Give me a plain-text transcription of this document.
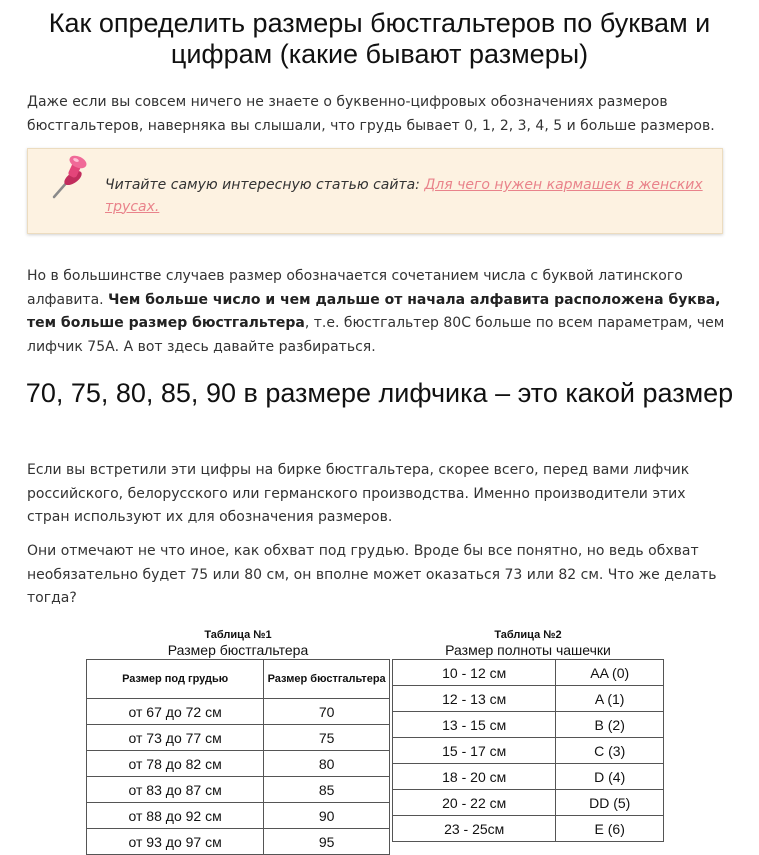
Как определить размеры бюстгальтеров по буквам и цифрам (какие бывают размеры)

Даже если вы совсем ничего не знаете о буквенно-цифровых обозначениях размеров бюстгальтеров, наверняка вы слышали, что грудь бывает 0, 1, 2, 3, 4, 5 и больше размеров.

Читайте самую интересную статью сайта: Для чего нужен кармашек в женских трусах.

Но в большинстве случаев размер обозначается сочетанием числа с буквой латинского алфавита. Чем больше число и чем дальше от начала алфавита расположена буква, тем больше размер бюстгальтера, т.е. бюстгальтер 80С больше по всем параметрам, чем лифчик 75А. А вот здесь давайте разбираться.

70, 75, 80, 85, 90 в размере лифчика – это какой размер

Если вы встретили эти цифры на бирке бюстгальтера, скорее всего, перед вами лифчик российского, белорусского или германского производства. Именно производители этих стран используют их для обозначения размеров.

Они отмечают не что иное, как обхват под грудью. Вроде бы все понятно, но ведь обхват необязательно будет 75 или 80 см, он вполне может оказаться 73 или 82 см. Что же делать тогда?

Таблица №1
Размер бюстгальтера
Размер под грудью	Размер бюстгальтера
от 67 до 72 см	70
от 73 до 77 см	75
от 78 до 82 см	80
от 83 до 87 см	85
от 88 до 92 см	90
от 93 до 97 см	95
Таблица №2
Размер полноты чашечки
10 - 12 см	AA (0)
12 - 13 см	A (1)
13 - 15 см	B (2)
15 - 17 см	C (3)
18 - 20 см	D (4)
20 - 22 см	DD (5)
23 - 25см	E (6)
